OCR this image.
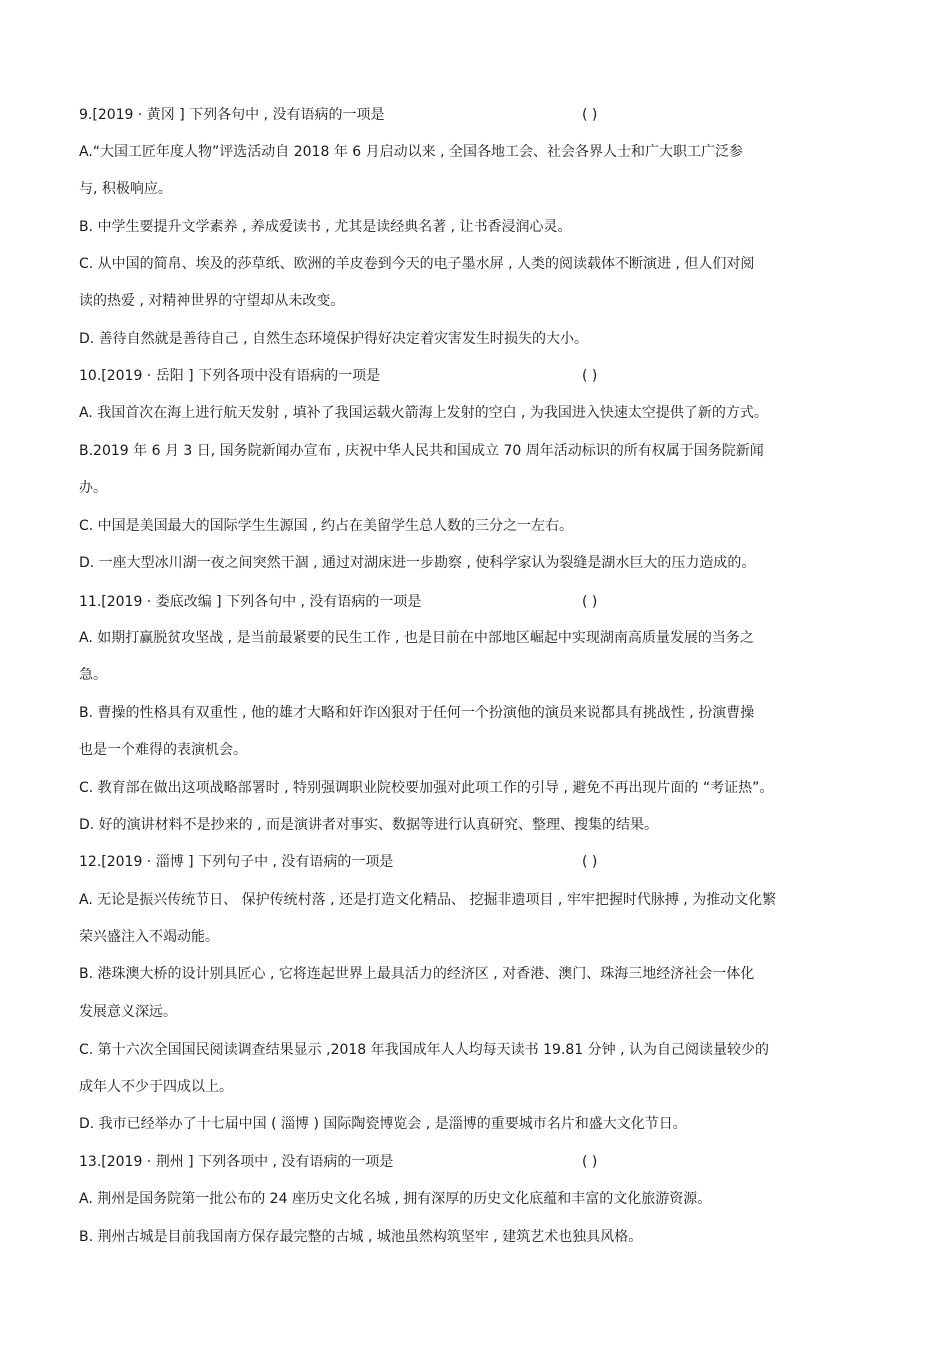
9.[2019 · 黄冈 ] 下列各句中 , 没有语病的一项是	( )
A.“大国工匠年度人物”评选活动自 2018 年 6 月启动以来 , 全国各地工会、社会各界人士和广大职工广泛参
与, 积极响应。
B. 中学生要提升文学素养 , 养成爱读书 , 尤其是读经典名著 , 让书香浸润心灵。
C. 从中国的简帛、埃及的莎草纸、欧洲的羊皮卷到今天的电子墨水屏 , 人类的阅读载体不断演进 , 但人们对阅
读的热爱 , 对精神世界的守望却从未改变。
D. 善待自然就是善待自己 , 自然生态环境保护得好决定着灾害发生时损失的大小。
10.[2019 · 岳阳 ] 下列各项中没有语病的一项是	( )
A. 我国首次在海上进行航天发射 , 填补了我国运载火箭海上发射的空白 , 为我国进入快速太空提供了新的方式。
B.2019 年 6 月 3 日, 国务院新闻办宣布 , 庆祝中华人民共和国成立 70 周年活动标识的所有权属于国务院新闻
办。
C. 中国是美国最大的国际学生生源国 , 约占在美留学生总人数的三分之一左右。
D. 一座大型冰川湖一夜之间突然干涸 , 通过对湖床进一步勘察 , 使科学家认为裂缝是湖水巨大的压力造成的。
11.[2019 · 娄底改编 ] 下列各句中 , 没有语病的一项是	( )
A. 如期打赢脱贫攻坚战 , 是当前最紧要的民生工作 , 也是目前在中部地区崛起中实现湖南高质量发展的当务之
急。
B. 曹操的性格具有双重性 , 他的雄才大略和奸诈凶狠对于任何一个扮演他的演员来说都具有挑战性 , 扮演曹操
也是一个难得的表演机会。
C. 教育部在做出这项战略部署时 , 特别强调职业院校要加强对此项工作的引导 , 避免不再出现片面的 “考证热”。
D. 好的演讲材料不是抄来的 , 而是演讲者对事实、数据等进行认真研究、整理、搜集的结果。
12.[2019 · 淄博 ] 下列句子中 , 没有语病的一项是	( )
A. 无论是振兴传统节日、 保护传统村落 , 还是打造文化精品、 挖掘非遗项目 , 牢牢把握时代脉搏 , 为推动文化繁
荣兴盛注入不竭动能。
B. 港珠澳大桥的设计别具匠心 , 它将连起世界上最具活力的经济区 , 对香港、澳门、珠海三地经济社会一体化
发展意义深远。
C. 第十六次全国国民阅读调查结果显示 ,2018 年我国成年人人均每天读书 19.81 分钟 , 认为自己阅读量较少的
成年人不少于四成以上。
D. 我市已经举办了十七届中国 ( 淄博 ) 国际陶瓷博览会 , 是淄博的重要城市名片和盛大文化节日。
13.[2019 · 荆州 ] 下列各项中 , 没有语病的一项是	( )
A. 荆州是国务院第一批公布的 24 座历史文化名城 , 拥有深厚的历史文化底蕴和丰富的文化旅游资源。
B. 荆州古城是目前我国南方保存最完整的古城 , 城池虽然构筑坚牢 , 建筑艺术也独具风格。
